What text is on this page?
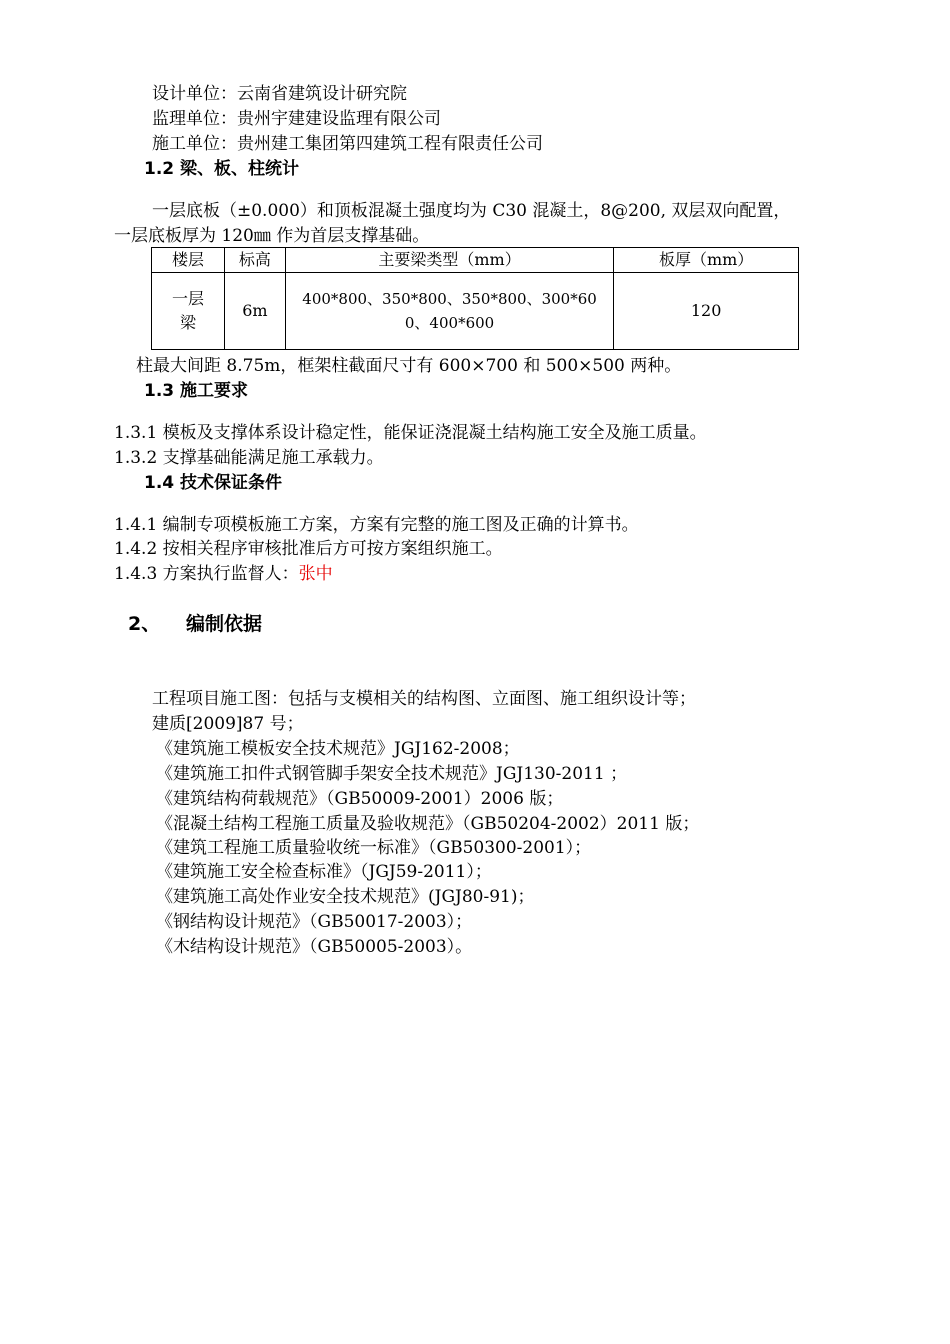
设计单位：云南省建筑设计研究院
监理单位：贵州宇建建设监理有限公司
施工单位：贵州建工集团第四建筑工程有限责任公司
1.2 梁、板、柱统计
一层底板（±0.000）和顶板混凝土强度均为 C30 混凝土，8@200, 双层双向配置，
一层底板厚为 120㎜ 作为首层支撑基础。
楼层	标高	主要梁类型（mm）	板厚（mm）
一层梁	6m	400*800、350*800、350*800、300*600、400*600	120
柱最大间距 8.75m，框架柱截面尺寸有 600×700 和 500×500 两种。
1.3 施工要求
1.3.1 模板及支撑体系设计稳定性，能保证浇混凝土结构施工安全及施工质量。
1.3.2 支撑基础能满足施工承载力。
1.4 技术保证条件
1.4.1 编制专项模板施工方案，方案有完整的施工图及正确的计算书。
1.4.2 按相关程序审核批准后方可按方案组织施工。
1.4.3 方案执行监督人：张中
2、 编制依据
工程项目施工图：包括与支模相关的结构图、立面图、施工组织设计等；
建质[2009]87 号；
《建筑施工模板安全技术规范》JGJ162-2008；
《建筑施工扣件式钢管脚手架安全技术规范》JGJ130-2011 ；
《建筑结构荷载规范》（GB50009-2001）2006 版；
《混凝土结构工程施工质量及验收规范》（GB50204-2002）2011 版；
《建筑工程施工质量验收统一标准》（GB50300-2001）；
《建筑施工安全检查标准》（JGJ59-2011）；
《建筑施工高处作业安全技术规范》(JGJ80-91)；
《钢结构设计规范》（GB50017-2003）；
《木结构设计规范》（GB50005-2003）。
